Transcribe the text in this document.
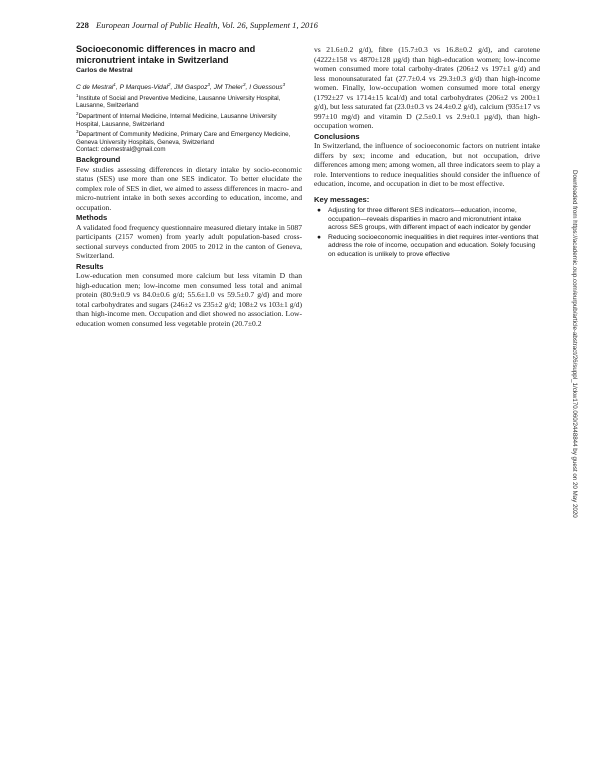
228 European Journal of Public Health, Vol. 26, Supplement 1, 2016
Socioeconomic differences in macro and micronutrient intake in Switzerland
Carlos de Mestral
C de Mestral$^1$, P Marques-Vidal$^2$, JM Gaspoz$^3$, JM Theler$^3$, I Guessous$^3$
$^1$Institute of Social and Preventive Medicine, Lausanne University Hospital, Lausanne, Switzerland
$^2$Department of Internal Medicine, Internal Medicine, Lausanne University Hospital, Lausanne, Switzerland
$^3$Department of Community Medicine, Primary Care and Emergency Medicine, Geneva University Hospitals, Geneva, Switzerland
Contact: cdemestral@gmail.com
Background

Few studies assessing differences in dietary intake by socio-economic status (SES) use more than one SES indicator. To better elucidate the complex role of SES in diet, we aimed to assess differences in macro- and micro-nutrient intake in both sexes according to education, income, and occupation.

Methods

A validated food frequency questionnaire measured dietary intake in 5087 participants (2157 women) from yearly adult population-based cross-sectional surveys conducted from 2005 to 2012 in the canton of Geneva, Switzerland.

Results

Low-education men consumed more calcium but less vitamin D than high-education men; low-income men consumed less total and animal protein (80.9±0.9 vs 84.0±0.6 g/d; 55.6±1.0 vs 59.5±0.7 g/d) and more total carbohydrates and sugars (246±2 vs 235±2 g/d; 108±2 vs 103±1 g/d) than high-income men. Occupation and diet showed no association. Low-education women consumed less vegetable protein (20.7±0.2

vs 21.6±0.2 g/d), fibre (15.7±0.3 vs 16.8±0.2 g/d), and carotene (4222±158 vs 4870±128 µg/d) than high-education women; low-income women consumed more total carbohy-drates (206±2 vs 197±1 g/d) and less monounsaturated fat (27.7±0.4 vs 29.3±0.3 g/d) than high-income women. Finally, low-occupation women consumed more total energy (1792±27 vs 1714±15 kcal/d) and total carbohydrates (206±2 vs 200±1 g/d), but less saturated fat (23.0±0.3 vs 24.4±0.2 g/d), calcium (935±17 vs 997±10 mg/d) and vitamin D (2.5±0.1 vs 2.9±0.1 µg/d), than high-occupation women.

Conclusions

In Switzerland, the influence of socioeconomic factors on nutrient intake differs by sex; income and education, but not occupation, drive differences among men; among women, all three indicators seem to play a role. Interventions to reduce inequalities should consider the influence of education, income, and occupation in diet to be most effective.

Key messages:
● Adjusting for three different SES indicators—education, income, occupation—reveals disparities in macro and micronutrient intake across SES groups, with different impact of each indicator by gender
● Reducing socioeconomic inequalities in diet requires inter-ventions that address the role of income, occupation and education. Solely focusing on education is unlikely to prove effective	Downloaded from https://academic.oup.com/eurpub/article-abstract/26/suppl_1/ckw170.060/2448844 by guest on 20 May 2020
